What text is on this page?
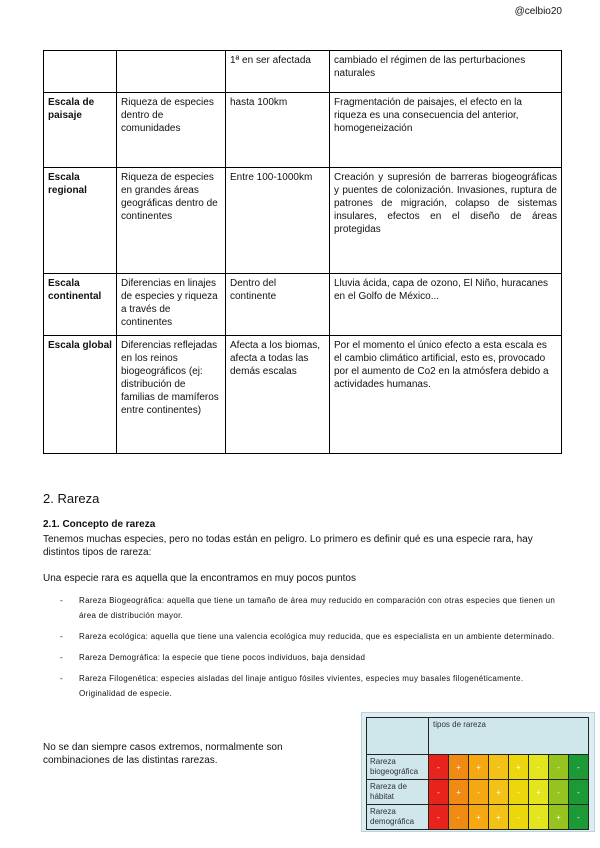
@celbio20
		1ª en ser afectada	cambiado el régimen de las perturbaciones naturales
Escala de paisaje	Riqueza de especies dentro de comunidades	hasta 100km	Fragmentación de paisajes, el efecto en la riqueza es una consecuencia del anterior, homogeneización
Escala regional	Riqueza de especies en grandes áreas geográficas dentro de continentes	Entre 100-1000km	Creación y supresión de barreras biogeográficas y puentes de colonización. Invasiones, ruptura de patrones de migración, colapso de sistemas insulares, efectos en el diseño de áreas protegidas
Escala continental	Diferencias en linajes de especies y riqueza a través de continentes	Dentro del continente	Lluvia ácida, capa de ozono, El Niño, huracanes en el Golfo de México...
Escala global	Diferencias reflejadas en los reinos biogeográficos (ej: distribución de familias de mamíferos entre continentes)	Afecta a los biomas, afecta a todas las demás escalas	Por el momento el único efecto a esta escala es el cambio climático artificial, esto es, provocado por el aumento de Co2 en la atmósfera debido a actividades humanas.
2. Rareza
2.1. Concepto de rareza
Tenemos muchas especies, pero no todas están en peligro. Lo primero es definir qué es una especie rara, hay distintos tipos de rareza:
Una especie rara es aquella que la encontramos en muy pocos puntos
- Rareza Biogeográfica: aquella que tiene un tamaño de área muy reducido en comparación con otras especies que tienen un área de distribución mayor.
- Rareza ecológica: aquella que tiene una valencia ecológica muy reducida, que es especialista en un ambiente determinado.
- Rareza Demográfica: la especie que tiene pocos individuos, baja densidad
- Rareza Filogenética: especies aisladas del linaje antiguo fósiles vivientes, especies muy basales filogenéticamente. Originalidad de especie.
No se dan siempre casos extremos, normalmente son combinaciones de las distintas rarezas.
	tipos de rareza							
Rareza biogeográfica	-	+	+	-	+	-	-	-
Rareza de hábitat	-	+	-	+	-	+	-	-
Rareza demográfica	-	-	+	+	-	-	+	-
